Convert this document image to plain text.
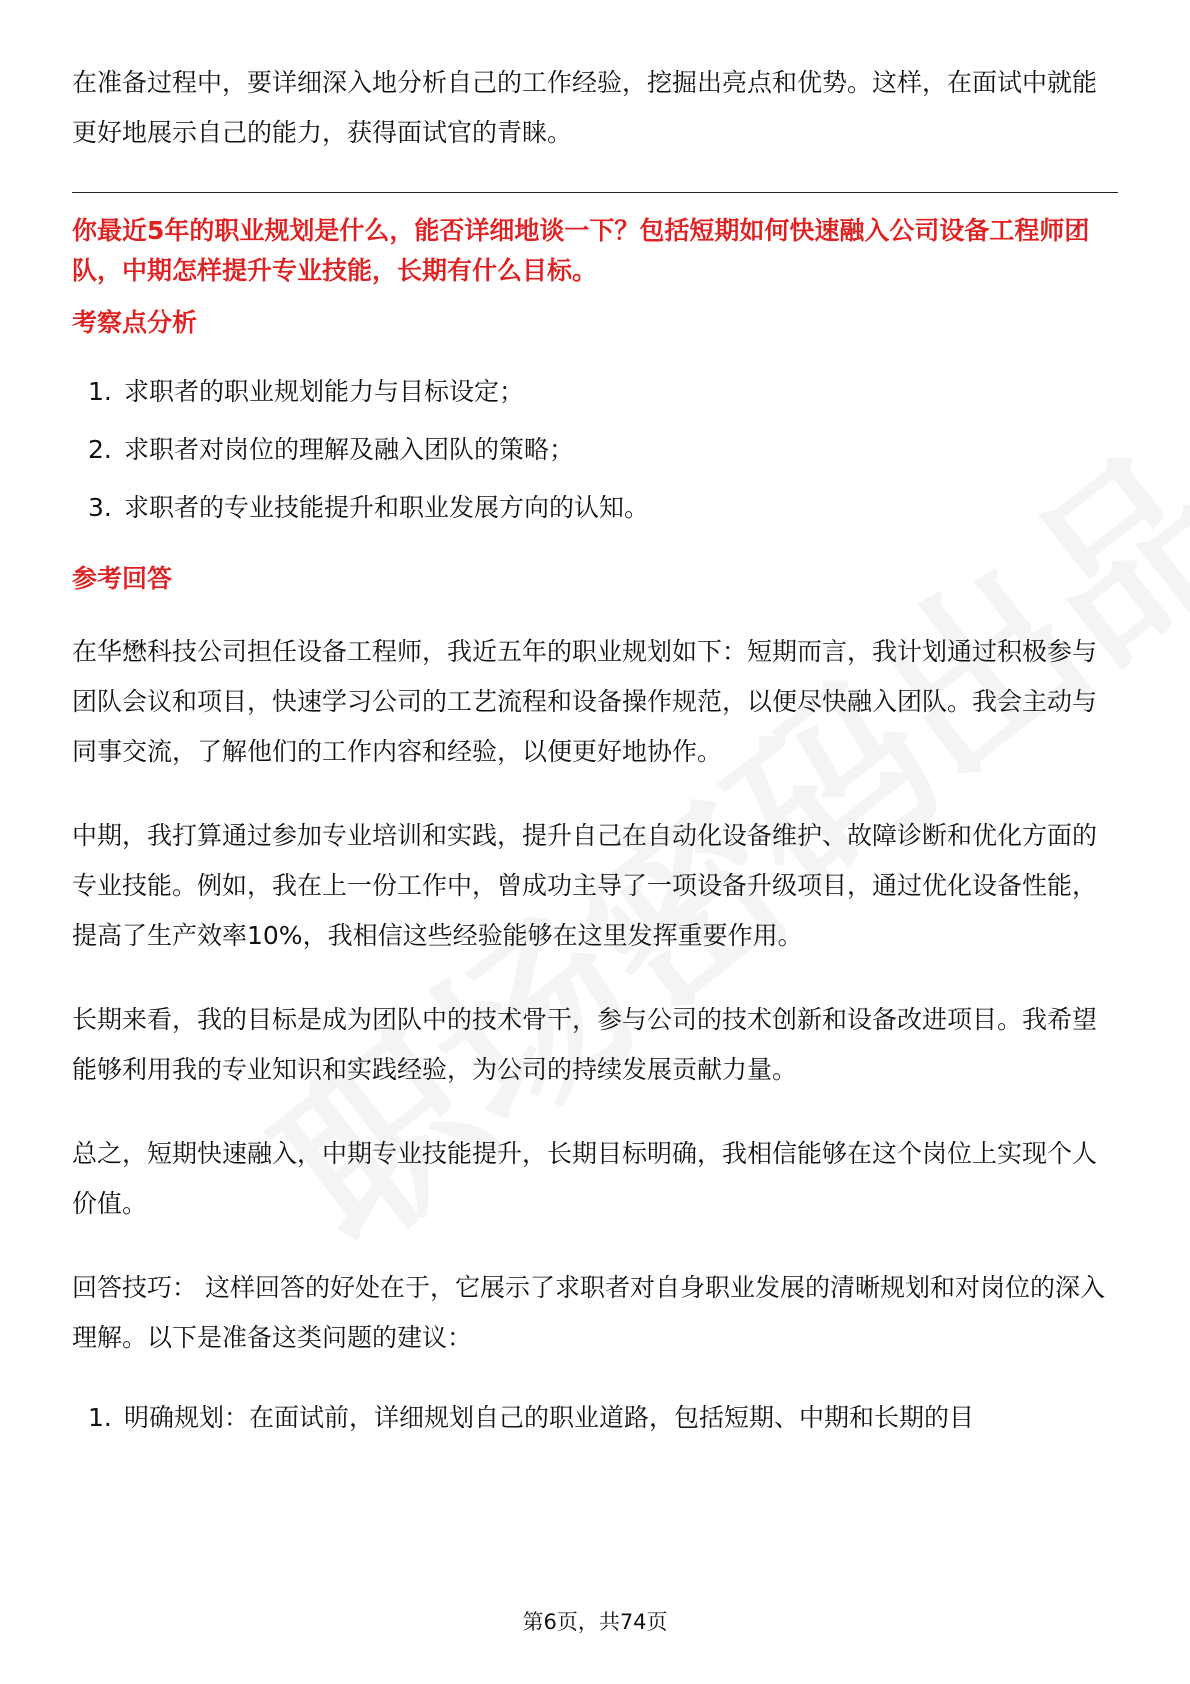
在准备过程中，要详细深入地分析自己的工作经验，挖掘出亮点和优势。这样，在面试中就能更好地展示自己的能力，获得面试官的青睐。

你最近5年的职业规划是什么，能否详细地谈一下？包括短期如何快速融入公司设备工程师团队，中期怎样提升专业技能，长期有什么目标。
考察点分析
1. 求职者的职业规划能力与目标设定；
2. 求职者对岗位的理解及融入团队的策略；
3. 求职者的专业技能提升和职业发展方向的认知。
参考回答

在华懋科技公司担任设备工程师，我近五年的职业规划如下：短期而言，我计划通过积极参与团队会议和项目，快速学习公司的工艺流程和设备操作规范，以便尽快融入团队。我会主动与同事交流，了解他们的工作内容和经验，以便更好地协作。

中期，我打算通过参加专业培训和实践，提升自己在自动化设备维护、故障诊断和优化方面的专业技能。例如，我在上一份工作中，曾成功主导了一项设备升级项目，通过优化设备性能，提高了生产效率10%，我相信这些经验能够在这里发挥重要作用。

长期来看，我的目标是成为团队中的技术骨干，参与公司的技术创新和设备改进项目。我希望能够利用我的专业知识和实践经验，为公司的持续发展贡献力量。

总之，短期快速融入，中期专业技能提升，长期目标明确，我相信能够在这个岗位上实现个人价值。

回答技巧： 这样回答的好处在于，它展示了求职者对自身职业发展的清晰规划和对岗位的深入理解。以下是准备这类问题的建议：

1. 明确规划：在面试前，详细规划自己的职业道路，包括短期、中期和长期的目
第6页，共74页
